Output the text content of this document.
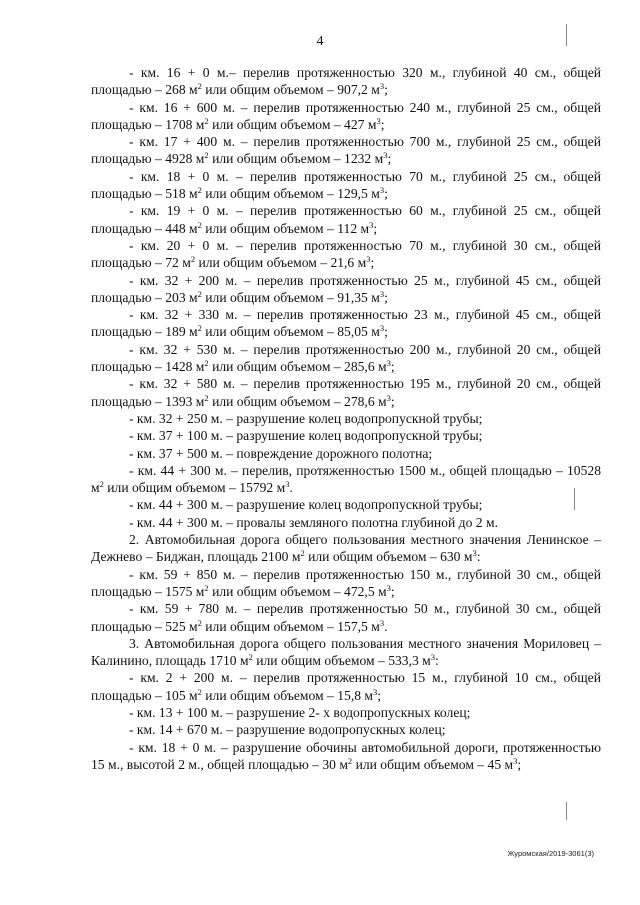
4
- км. 16 + 0 м.– перелив протяженностью 320 м., глубиной 40 см., общей площадью – 268 $м^2$ или общим объемом – 907,2 $м^3$;
- км. 16 + 600 м. – перелив протяженностью 240 м., глубиной 25 см., общей площадью – 1708 $м^2$ или общим объемом – 427 $м^3$;
- км. 17 + 400 м. – перелив протяженностью 700 м., глубиной 25 см., общей площадью – 4928 $м^2$ или общим объемом – 1232 $м^3$;
- км. 18 + 0 м. – перелив протяженностью 70 м., глубиной 25 см., общей площадью – 518 $м^2$ или общим объемом – 129,5 $м^3$;
- км. 19 + 0 м. – перелив протяженностью 60 м., глубиной 25 см., общей площадью – 448 $м^2$ или общим объемом – 112 $м^3$;
- км. 20 + 0 м. – перелив протяженностью 70 м., глубиной 30 см., общей площадью – 72 $м^2$ или общим объемом – 21,6 $м^3$;
- км. 32 + 200 м. – перелив протяженностью 25 м., глубиной 45 см., общей площадью – 203 $м^2$ или общим объемом – 91,35 $м^3$;
- км. 32 + 330 м. – перелив протяженностью 23 м., глубиной 45 см., общей площадью – 189 $м^2$ или общим объемом – 85,05 $м^3$;
- км. 32 + 530 м. – перелив протяженностью 200 м., глубиной 20 см., общей площадью – 1428 $м^2$ или общим объемом – 285,6 $м^3$;
- км. 32 + 580 м. – перелив протяженностью 195 м., глубиной 20 см., общей площадью – 1393 $м^2$ или общим объемом – 278,6 $м^3$;
- км. 32 + 250 м. – разрушение колец водопропускной трубы;
- км. 37 + 100 м. – разрушение колец водопропускной трубы;
- км. 37 + 500 м. – повреждение дорожного полотна;
- км. 44 + 300 м. – перелив, протяженностью 1500 м., общей площадью – 10528 $м^2$ или общим объемом – 15792 $м^3$.
- км. 44 + 300 м. – разрушение колец водопропускной трубы;
- км. 44 + 300 м. – провалы земляного полотна глубиной до 2 м.
2. Автомобильная дорога общего пользования местного значения Ленинское – Дежнево – Биджан, площадь 2100 $м^2$ или общим объемом – 630 $м^3$:
- км. 59 + 850 м. – перелив протяженностью 150 м., глубиной 30 см., общей площадью – 1575 $м^2$ или общим объемом – 472,5 $м^3$;
- км. 59 + 780 м. – перелив протяженностью 50 м., глубиной 30 см., общей площадью – 525 $м^2$ или общим объемом – 157,5 $м^3$.
3. Автомобильная дорога общего пользования местного значения Мориловец – Калинино, площадь 1710 $м^2$ или общим объемом – 533,3 $м^3$:
- км. 2 + 200 м. – перелив протяженностью 15 м., глубиной 10 см., общей площадью – 105 $м^2$ или общим объемом – 15,8 $м^3$;
- км. 13 + 100 м. – разрушение 2- х водопропускных колец;
- км. 14 + 670 м. – разрушение водопропускных колец;
- км. 18 + 0 м. – разрушение обочины автомобильной дороги, протяженностью 15 м., высотой 2 м., общей площадью – 30 $м^2$ или общим объемом – 45 $м^3$;
Журомская/2019-3061(3)
